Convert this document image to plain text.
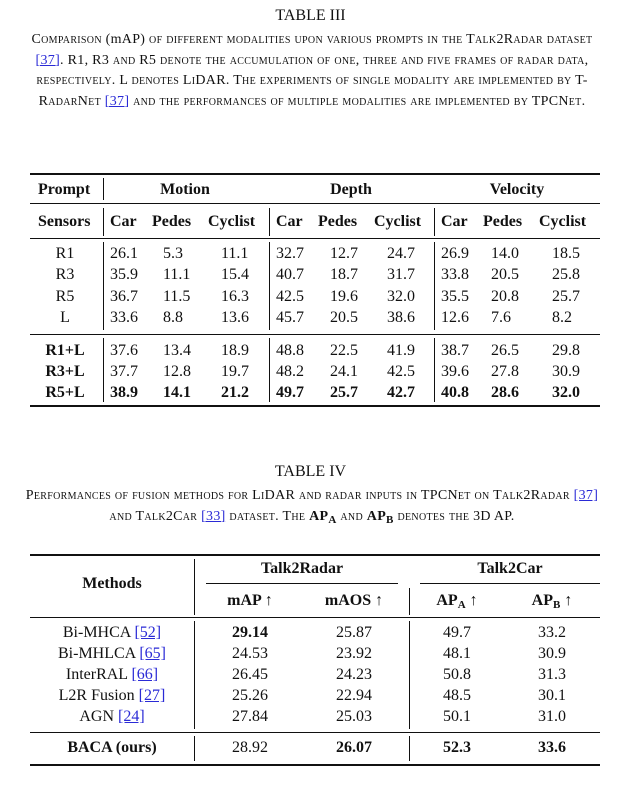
TABLE III
Comparison (mAP) of different modalities upon various prompts in the Talk2Radar dataset [37]. R1, R3 and R5 denote the accumulation of one, three and five frames of radar data, respectively. L denotes LiDAR. The experiments of single modality are implemented by T-RadarNet [37] and the performances of multiple modalities are implemented by TPCNet.
Prompt	Motion	Depth	Velocity
Sensors Car Pedes Cyclist Car Pedes Cyclist Car Pedes Cyclist
R1	26.1 5.3 11.1 32.7 12.7 24.7 26.9 14.0 18.5
R3	35.9 11.1 15.4 40.7 18.7 31.7 33.8 20.5 25.8
R5	36.7 11.5 16.3 42.5 19.6 32.0 35.5 20.8 25.7
L	33.6 8.8 13.6 45.7 20.5 38.6 12.6 7.6	8.2
R1+L	37.6 13.4 18.9 48.8 22.5 41.9 38.7 26.5 29.8
R3+L	37.7 12.8 19.7 48.2 24.1 42.5 39.6 27.8 30.9
R5+L	38.9 14.1 21.2 49.7 25.7 42.7 40.8 28.6 32.0
TABLE IV
Performances of fusion methods for LiDAR and radar inputs in TPCNet on Talk2Radar [37] and Talk2Car [33] dataset. The $AP_A$ and $AP_B$ denotes the 3D AP.
Methods
Talk2Radar	Talk2Car
mAP ↑	mAOS ↑	$AP_A$ ↑	$AP_B$ ↑
Bi-MHCA [52]	29.14	25.87	49.7	33.2
Bi-MHLCA [65]	24.53	23.92	48.1	30.9
InterRAL [66]	26.45	24.23	50.8	31.3
L2R Fusion [27]	25.26	22.94	48.5	30.1
AGN [24]	27.84	25.03	50.1	31.0
BACA (ours)	28.92	26.07	52.3	33.6
